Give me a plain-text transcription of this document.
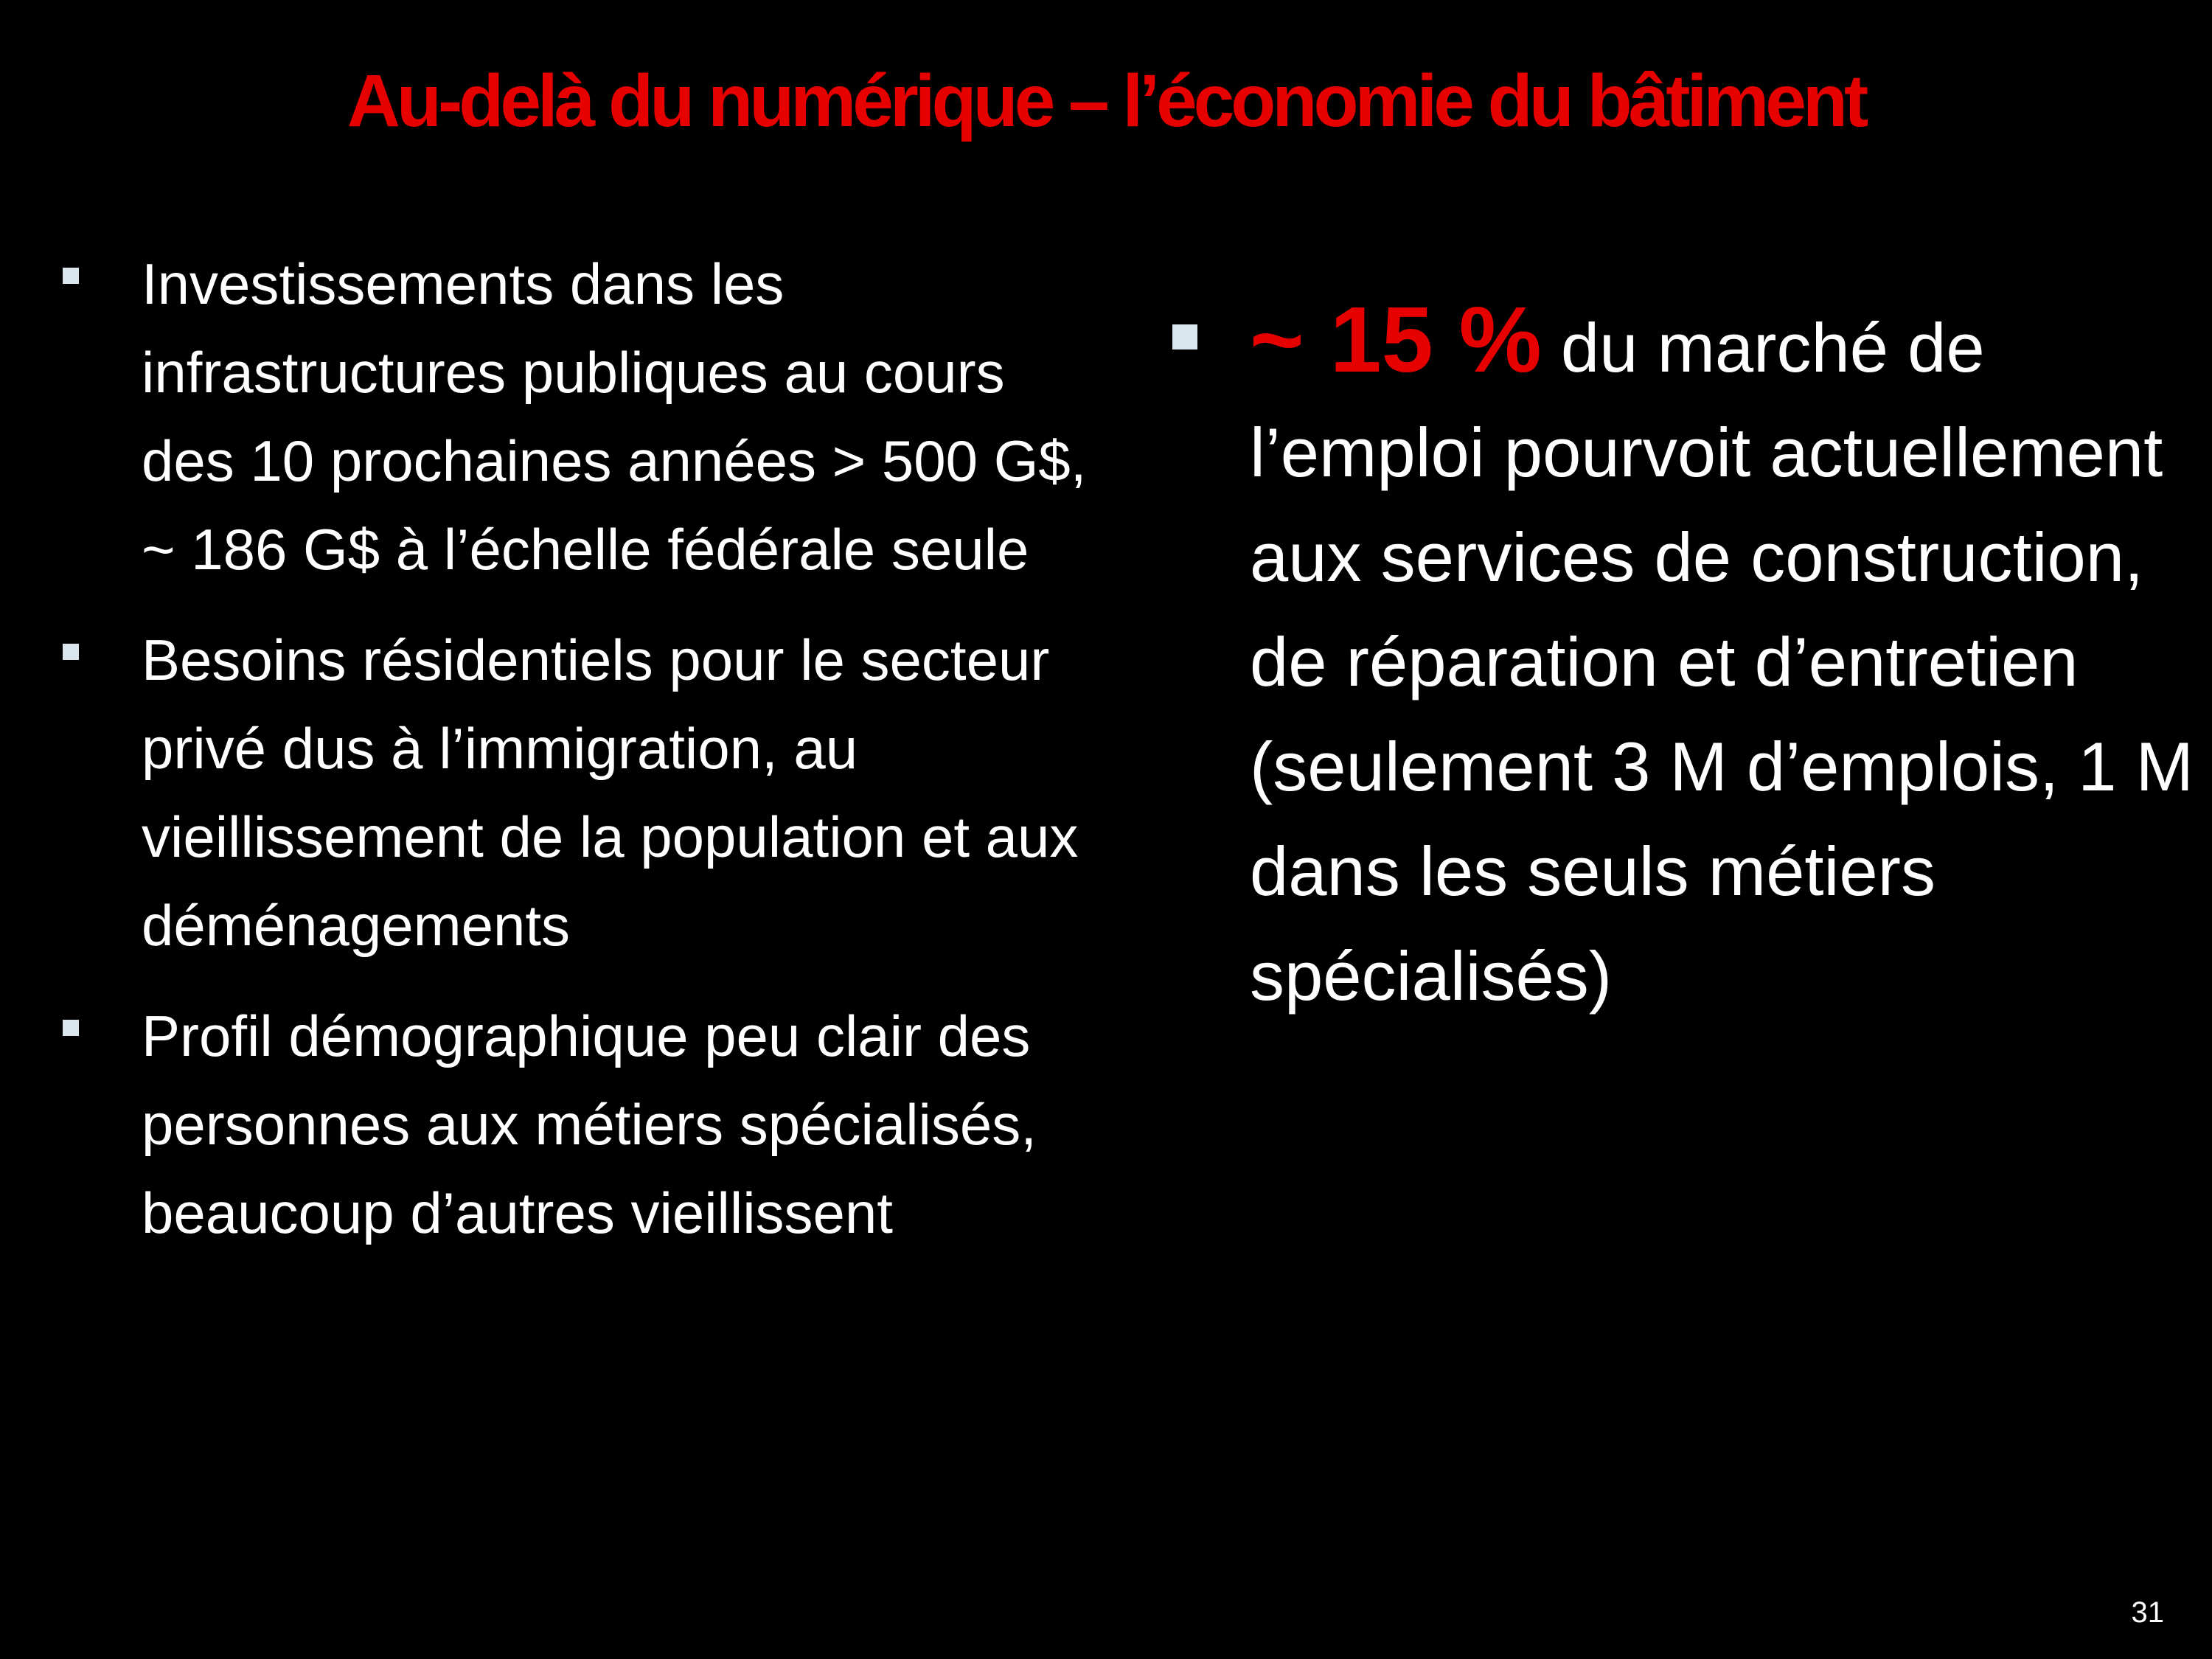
Au-delà du numérique – l’économie du bâtiment
Investissements dans les infrastructures publiques au cours des 10 prochaines années > 500 G$, ~ 186 G$ à l’échelle fédérale seule
Besoins résidentiels pour le secteur privé dus à l’immigration, au vieillissement de la population et aux déménagements
Profil démographique peu clair des personnes aux métiers spécialisés, beaucoup d’autres vieillissent
~ 15 % du marché de l’emploi pourvoit actuellement aux services de construction, de réparation et d’entretien (seulement 3 M d’emplois, 1 M dans les seuls métiers spécialisés)
31
